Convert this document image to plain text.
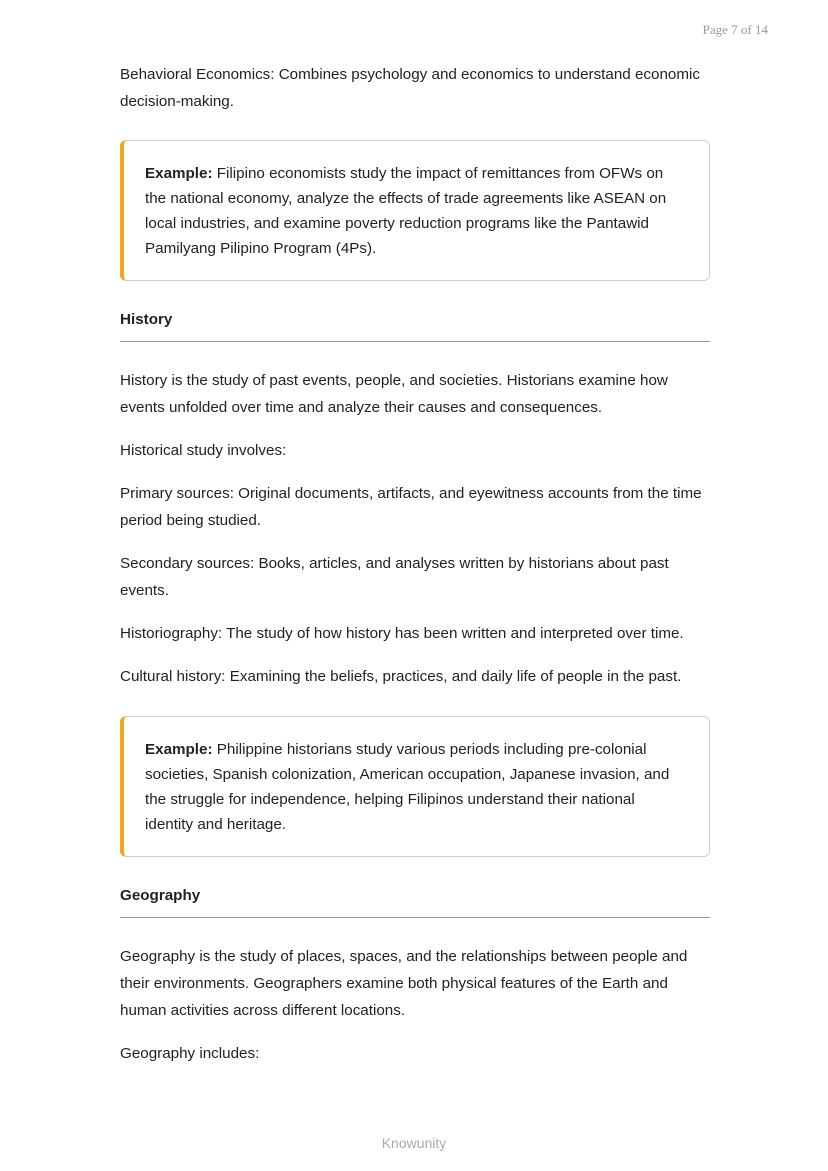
Page 7 of 14

Behavioral Economics: Combines psychology and economics to understand economic decision-making.

Example: Filipino economists study the impact of remittances from OFWs on the national economy, analyze the effects of trade agreements like ASEAN on local industries, and examine poverty reduction programs like the Pantawid Pamilyang Pilipino Program (4Ps).

History

History is the study of past events, people, and societies. Historians examine how events unfolded over time and analyze their causes and consequences.

Historical study involves:

Primary sources: Original documents, artifacts, and eyewitness accounts from the time period being studied.

Secondary sources: Books, articles, and analyses written by historians about past events.

Historiography: The study of how history has been written and interpreted over time.

Cultural history: Examining the beliefs, practices, and daily life of people in the past.

Example: Philippine historians study various periods including pre-colonial societies, Spanish colonization, American occupation, Japanese invasion, and the struggle for independence, helping Filipinos understand their national identity and heritage.

Geography

Geography is the study of places, spaces, and the relationships between people and their environments. Geographers examine both physical features of the Earth and human activities across different locations.

Geography includes:

Knowunity
